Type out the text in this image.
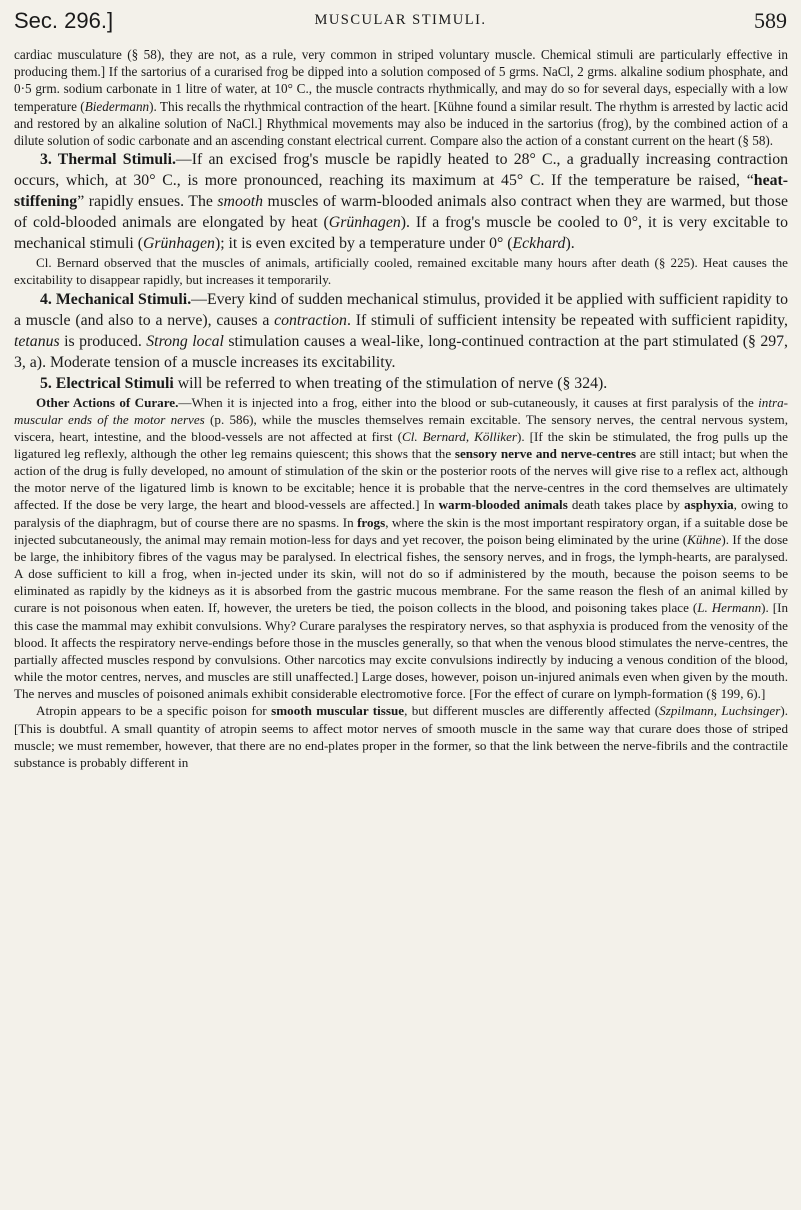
Sec. 296.]	MUSCULAR STIMULI.	589

cardiac musculature (§ 58), they are not, as a rule, very common in striped voluntary muscle. Chemical stimuli are particularly effective in producing them.] If the sartorius of a curarised frog be dipped into a solution composed of 5 grms. NaCl, 2 grms. alkaline sodium phosphate, and 0·5 grm. sodium carbonate in 1 litre of water, at 10° C., the muscle contracts rhythmically, and may do so for several days, especially with a low temperature (Biedermann). This recalls the rhythmical contraction of the heart. [Kühne found a similar result. The rhythm is arrested by lactic acid and restored by an alkaline solution of NaCl.] Rhythmical movements may also be induced in the sartorius (frog), by the combined action of a dilute solution of sodic carbonate and an ascending constant electrical current. Compare also the action of a constant current on the heart (§ 58).

3. Thermal Stimuli.—If an excised frog's muscle be rapidly heated to 28° C., a gradually increasing contraction occurs, which, at 30° C., is more pronounced, reaching its maximum at 45° C. If the temperature be raised, “heat-stiffening” rapidly ensues. The smooth muscles of warm-blooded animals also contract when they are warmed, but those of cold-blooded animals are elongated by heat (Grünhagen). If a frog's muscle be cooled to 0°, it is very excitable to mechanical stimuli (Grünhagen); it is even excited by a temperature under 0° (Eckhard).

Cl. Bernard observed that the muscles of animals, artificially cooled, remained excitable many hours after death (§ 225). Heat causes the excitability to disappear rapidly, but increases it temporarily.

4. Mechanical Stimuli.—Every kind of sudden mechanical stimulus, provided it be applied with sufficient rapidity to a muscle (and also to a nerve), causes a contraction. If stimuli of sufficient intensity be repeated with sufficient rapidity, tetanus is produced. Strong local stimulation causes a weal-like, long-continued contraction at the part stimulated (§ 297, 3, a). Moderate tension of a muscle increases its excitability.

5. Electrical Stimuli will be referred to when treating of the stimulation of nerve (§ 324).

Other Actions of Curare.—When it is injected into a frog, either into the blood or sub-cutaneously, it causes at first paralysis of the intra-muscular ends of the motor nerves (p. 586), while the muscles themselves remain excitable. The sensory nerves, the central nervous system, viscera, heart, intestine, and the blood-vessels are not affected at first (Cl. Bernard, Kölliker). [If the skin be stimulated, the frog pulls up the ligatured leg reflexly, although the other leg remains quiescent; this shows that the sensory nerve and nerve-centres are still intact; but when the action of the drug is fully developed, no amount of stimulation of the skin or the posterior roots of the nerves will give rise to a reflex act, although the motor nerve of the ligatured limb is known to be excitable; hence it is probable that the nerve-centres in the cord themselves are ultimately affected. If the dose be very large, the heart and blood-vessels are affected.] In warm-blooded animals death takes place by asphyxia, owing to paralysis of the diaphragm, but of course there are no spasms. In frogs, where the skin is the most important respiratory organ, if a suitable dose be injected subcutaneously, the animal may remain motion-less for days and yet recover, the poison being eliminated by the urine (Kühne). If the dose be large, the inhibitory fibres of the vagus may be paralysed. In electrical fishes, the sensory nerves, and in frogs, the lymph-hearts, are paralysed. A dose sufficient to kill a frog, when in-jected under its skin, will not do so if administered by the mouth, because the poison seems to be eliminated as rapidly by the kidneys as it is absorbed from the gastric mucous membrane. For the same reason the flesh of an animal killed by curare is not poisonous when eaten. If, however, the ureters be tied, the poison collects in the blood, and poisoning takes place (L. Hermann). [In this case the mammal may exhibit convulsions. Why? Curare paralyses the respiratory nerves, so that asphyxia is produced from the venosity of the blood. It affects the respiratory nerve-endings before those in the muscles generally, so that when the venous blood stimulates the nerve-centres, the partially affected muscles respond by convulsions. Other narcotics may excite convulsions indirectly by inducing a venous condition of the blood, while the motor centres, nerves, and muscles are still unaffected.] Large doses, however, poison un-injured animals even when given by the mouth. The nerves and muscles of poisoned animals exhibit considerable electromotive force. [For the effect of curare on lymph-formation (§ 199, 6).]

Atropin appears to be a specific poison for smooth muscular tissue, but different muscles are differently affected (Szpilmann, Luchsinger). [This is doubtful. A small quantity of atropin seems to affect motor nerves of smooth muscle in the same way that curare does those of striped muscle; we must remember, however, that there are no end-plates proper in the former, so that the link between the nerve-fibrils and the contractile substance is probably different in
